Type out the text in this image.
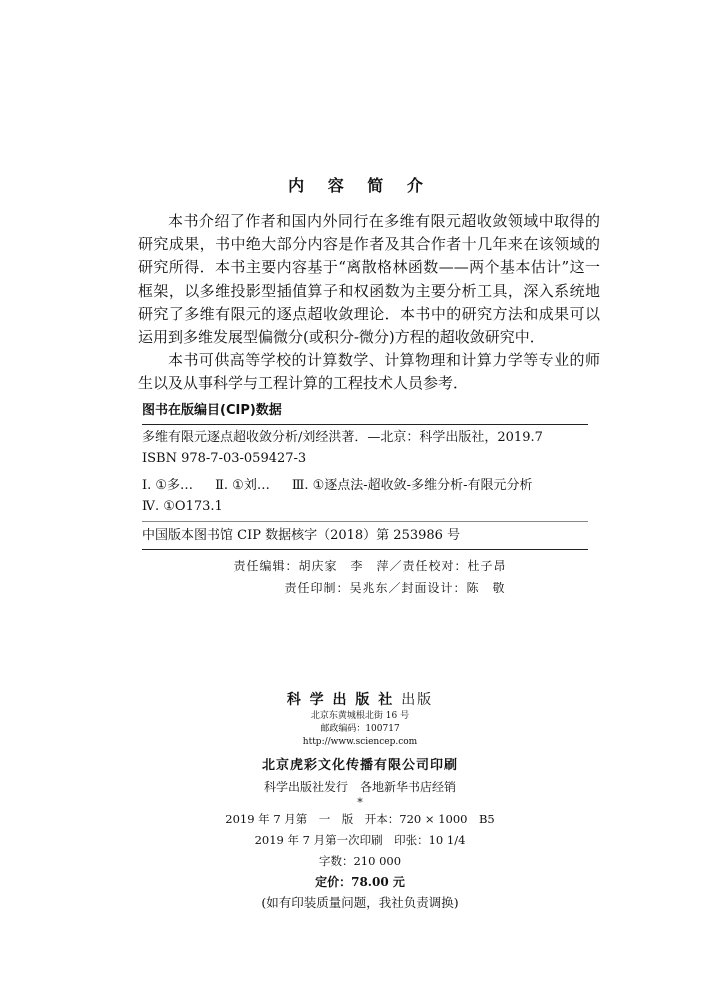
内 容 简 介

本书介绍了作者和国内外同行在多维有限元超收敛领域中取得的研究成果，书中绝大部分内容是作者及其合作者十几年来在该领域的研究所得．本书主要内容基于“离散格林函数——两个基本估计”这一框架，以多维投影型插值算子和权函数为主要分析工具，深入系统地研究了多维有限元的逐点超收敛理论．本书中的研究方法和成果可以运用到多维发展型偏微分(或积分-微分)方程的超收敛研究中．

本书可供高等学校的计算数学、计算物理和计算力学等专业的师生以及从事科学与工程计算的工程技术人员参考．

图书在版编目(CIP)数据
多维有限元逐点超收敛分析/刘经洪著．—北京：科学出版社，2019.7
ISBN 978-7-03-059427-3
Ⅰ. ①多… Ⅱ. ①刘… Ⅲ. ①逐点法-超收敛-多维分析-有限元分析
Ⅳ. ①O173.1
中国版本图书馆 CIP 数据核字（2018）第 253986 号
责任编辑：胡庆家　李　萍／责任校对：杜子昂
责任印制：吴兆东／封面设计：陈　敬
科 学 出 版 社 出版
北京东黄城根北街 16 号
邮政编码：100717
http://www.sciencep.com
北京虎彩文化传播有限公司印刷
科学出版社发行　各地新华书店经销
*
2019 年 7 月第　一　版　开本：720 × 1000　B5
2019 年 7 月第一次印刷　印张：10 1/4
字数：210 000
定价：78.00 元
(如有印装质量问题，我社负责调换)
